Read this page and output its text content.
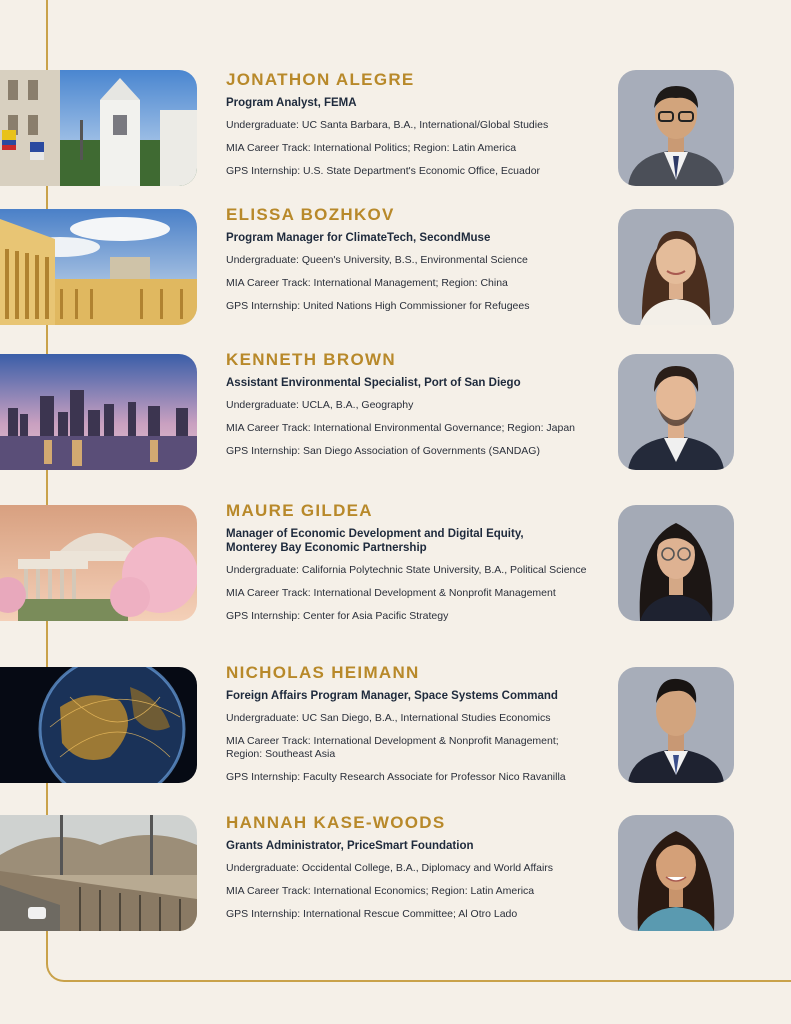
JONATHON ALEGRE
Program Analyst, FEMA
Undergraduate: UC Santa Barbara, B.A., International/Global Studies
MIA Career Track: International Politics; Region: Latin America
GPS Internship: U.S. State Department's Economic Office, Ecuador
ELISSA BOZHKOV
Program Manager for ClimateTech, SecondMuse
Undergraduate: Queen's University, B.S., Environmental Science
MIA Career Track: International Management; Region: China
GPS Internship: United Nations High Commissioner for Refugees
KENNETH BROWN
Assistant Environmental Specialist, Port of San Diego
Undergraduate: UCLA, B.A., Geography
MIA Career Track: International Environmental Governance; Region: Japan
GPS Internship: San Diego Association of Governments (SANDAG)
MAURE GILDEA
Manager of Economic Development and Digital Equity,
Monterey Bay Economic Partnership
Undergraduate: California Polytechnic State University, B.A., Political Science
MIA Career Track: International Development & Nonprofit Management
GPS Internship: Center for Asia Pacific Strategy
NICHOLAS HEIMANN
Foreign Affairs Program Manager, Space Systems Command
Undergraduate: UC San Diego, B.A., International Studies Economics
MIA Career Track: International Development & Nonprofit Management;
Region: Southeast Asia
GPS Internship: Faculty Research Associate for Professor Nico Ravanilla
HANNAH KASE-WOODS
Grants Administrator, PriceSmart Foundation
Undergraduate: Occidental College, B.A., Diplomacy and World Affairs
MIA Career Track: International Economics; Region: Latin America
GPS Internship: International Rescue Committee; Al Otro Lado
